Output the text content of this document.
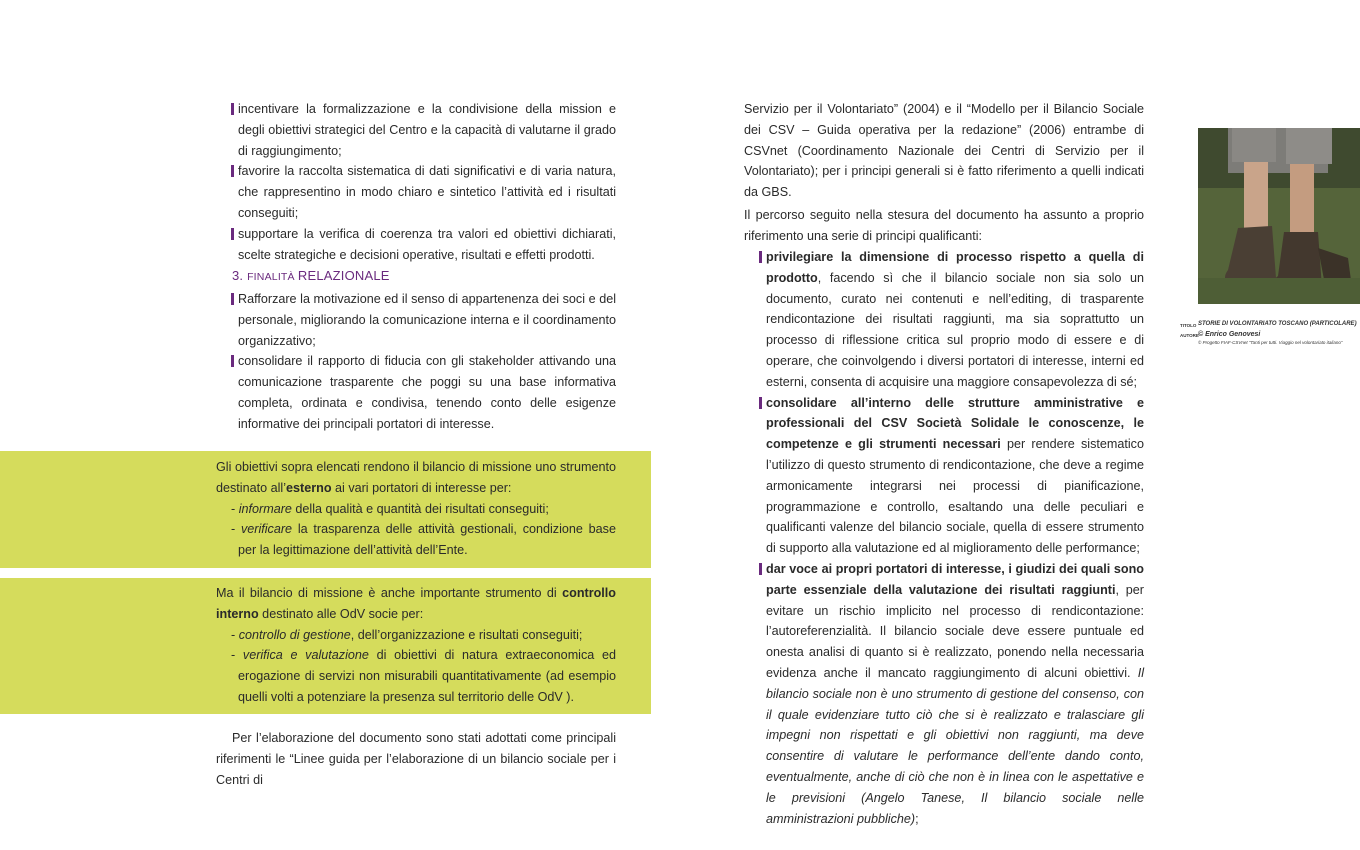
incentivare la formalizzazione e la condivisione della mission e degli obiettivi strategici del Centro e la capacità di valutarne il grado di raggiungimento;
favorire la raccolta sistematica di dati significativi e di varia natura, che rappresentino in modo chiaro e sintetico l’attività ed i risultati conseguiti;
supportare la verifica di coerenza tra valori ed obiettivi dichiarati, scelte strategiche e decisioni operative, risultati e effetti prodotti.
3. FINALITÀ RELAZIONALE
Rafforzare la motivazione ed il senso di appartenenza dei soci e del personale, migliorando la comunicazione interna e il coordinamento organizzativo;
consolidare il rapporto di fiducia con gli stakeholder attivando una comunicazione trasparente che poggi su una base informativa completa, ordinata e condivisa, tenendo conto delle esigenze informative dei principali portatori di interesse.

Gli obiettivi sopra elencati rendono il bilancio di missione uno strumento destinato all’esterno ai vari portatori di interesse per:

- informare della qualità e quantità dei risultati conseguiti;
- verificare la trasparenza delle attività gestionali, condizione base per la legittimazione dell’attività dell’Ente.

Ma il bilancio di missione è anche importante strumento di controllo interno destinato alle OdV socie per:

- controllo di gestione, dell’organizzazione e risultati conseguiti;
- verifica e valutazione di obiettivi di natura extraeconomica ed erogazione di servizi non misurabili quantitativamente (ad esempio quelli volti a potenziare la presenza sul territorio delle OdV ).

Per l’elaborazione del documento sono stati adottati come principali riferimenti le “Linee guida per l’elaborazione di un bilancio sociale per i Centri di

Servizio per il Volontariato” (2004) e il “Modello per il Bilancio Sociale dei CSV – Guida operativa per la redazione” (2006) entrambe di CSVnet (Coordinamento Nazionale dei Centri di Servizio per il Volontariato); per i principi generali si è fatto riferimento a quelli indicati da GBS.

Il percorso seguito nella stesura del documento ha assunto a proprio riferimento una serie di principi qualificanti:

privilegiare la dimensione di processo rispetto a quella di prodotto, facendo sì che il bilancio sociale non sia solo un documento, curato nei contenuti e nell’editing, di trasparente rendicontazione dei risultati raggiunti, ma sia soprattutto un processo di riflessione critica sul proprio modo di essere e di operare, che coinvolgendo i diversi portatori di interesse, interni ed esterni, consenta di acquisire una maggiore consapevolezza di sé;
consolidare all’interno delle strutture amministrative e professionali del CSV Società Solidale le conoscenze, le competenze e gli strumenti necessari per rendere sistematico l’utilizzo di questo strumento di rendicontazione, che deve a regime armonicamente integrarsi nei processi di pianificazione, programmazione e controllo, esaltando una delle peculiari e qualificanti valenze del bilancio sociale, quella di essere strumento di supporto alla valutazione ed al miglioramento delle performance;
dar voce ai propri portatori di interesse, i giudizi dei quali sono parte essenziale della valutazione dei risultati raggiunti, per evitare un rischio implicito nel processo di rendicontazione: l’autoreferenzialità. Il bilancio sociale deve essere puntuale ed onesta analisi di quanto si è realizzato, ponendo nella necessaria evidenza anche il mancato raggiungimento di alcuni obiettivi. Il bilancio sociale non è uno strumento di gestione del consenso, con il quale evidenziare tutto ciò che si è realizzato e tralasciare gli impegni non rispettati e gli obiettivi non raggiunti, ma deve consentire di valutare le performance dell’ente dando conto, eventualmente, anche di ciò che non è in linea con le aspettative e le previsioni (Angelo Tanese, Il bilancio sociale nelle amministrazioni pubbliche);
TITOLO STORIE DI VOLONTARIATO TOSCANO (PARTICOLARE)
AUTORE © Enrico Genovesi
© Progetto FIAF-CSVnet “Tanti per tutti. Viaggio nel volontariato italiano”
